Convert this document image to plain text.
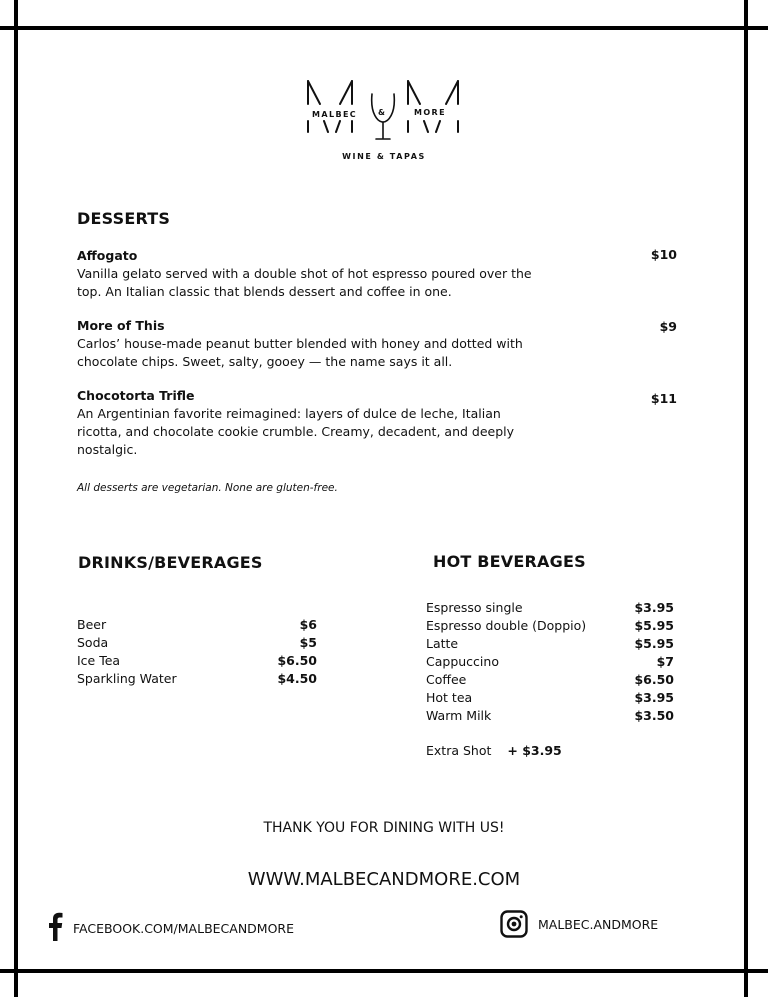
MALBEC	&	MORE
WINE & TAPAS
DESSERTS
Affogato
Vanilla gelato served with a double shot of hot espresso poured over the top. An Italian classic that blends dessert and coffee in one.
$10
More of This
Carlos’ house-made peanut butter blended with honey and dotted with chocolate chips. Sweet, salty, gooey — the name says it all.
$9
Chocotorta Trifle
An Argentinian favorite reimagined: layers of dulce de leche, Italian ricotta, and chocolate cookie crumble. Creamy, decadent, and deeply nostalgic.
$11
All desserts are vegetarian. None are gluten-free.
DRINKS/BEVERAGES
Beer	$6
Soda	$5
Ice Tea	$6.50
Sparkling Water	$4.50
HOT BEVERAGES
Espresso single	$3.95
Espresso double (Doppio)	$5.95
Latte	$5.95
Cappuccino	$7
Coffee	$6.50
Hot tea	$3.95
Warm Milk	$3.50
Extra Shot + $3.95
THANK YOU FOR DINING WITH US!
WWW.MALBECANDMORE.COM
FACEBOOK.COM/MALBECANDMORE	MALBEC.ANDMORE
